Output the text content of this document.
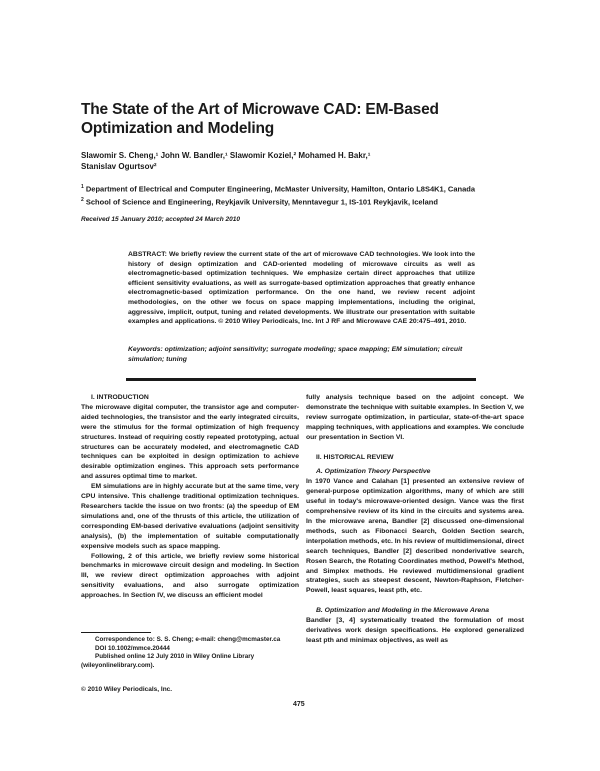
The State of the Art of Microwave CAD: EM-Based Optimization and Modeling
Slawomir S. Cheng,¹ John W. Bandler,¹ Slawomir Koziel,² Mohamed H. Bakr,¹
Stanislav Ogurtsov²
$^1$ Department of Electrical and Computer Engineering, McMaster University, Hamilton, Ontario L8S4K1, Canada
$^2$ School of Science and Engineering, Reykjavik University, Menntavegur 1, IS-101 Reykjavik, Iceland
Received 15 January 2010; accepted 24 March 2010
ABSTRACT: We briefly review the current state of the art of microwave CAD technologies. We look into the history of design optimization and CAD-oriented modeling of microwave circuits as well as electromagnetic-based optimization techniques. We emphasize certain direct approaches that utilize efficient sensitivity evaluations, as well as surrogate-based optimization approaches that greatly enhance electromagnetic-based optimization performance. On the one hand, we review recent adjoint methodologies, on the other we focus on space mapping implementations, including the original, aggressive, implicit, output, tuning and related developments. We illustrate our presentation with suitable examples and applications. © 2010 Wiley Periodicals, Inc. Int J RF and Microwave CAE 20:475–491, 2010.
Keywords: optimization; adjoint sensitivity; surrogate modeling; space mapping; EM simulation; circuit simulation; tuning

I. INTRODUCTION

The microwave digital computer, the transistor age and computer-aided technologies, the transistor and the early integrated circuits, were the stimulus for the formal optimization of high frequency structures. Instead of requiring costly repeated prototyping, actual structures can be accurately modeled, and electromagnetic CAD techniques can be exploited in design optimization to achieve desirable optimization engines. This approach sets performance and assures optimal time to market.

EM simulations are in highly accurate but at the same time, very CPU intensive. This challenge traditional optimization techniques. Researchers tackle the issue on two fronts: (a) the speedup of EM simulations and, one of the thrusts of this article, the utilization of corresponding EM-based derivative evaluations (adjoint sensitivity analysis), (b) the implementation of suitable computationally expensive models such as space mapping.

Following, 2 of this article, we briefly review some historical benchmarks in microwave circuit design and modeling. In Section III, we review direct optimization approaches with adjoint sensitivity evaluations, and also surrogate optimization approaches. In Section IV, we discuss an efficient model

Correspondence to: S. S. Cheng; e-mail: cheng@mcmaster.ca

DOI 10.1002/mmce.20444

Published online 12 July 2010 in Wiley Online Library (wileyonlinelibrary.com).

© 2010 Wiley Periodicals, Inc.

fully analysis technique based on the adjoint concept. We demonstrate the technique with suitable examples. In Section V, we review surrogate optimization, in particular, state-of-the-art space mapping techniques, with applications and examples. We conclude our presentation in Section VI.

II. HISTORICAL REVIEW

A. Optimization Theory Perspective

In 1970 Vance and Calahan [1] presented an extensive review of general-purpose optimization algorithms, many of which are still useful in today's microwave-oriented design. Vance was the first comprehensive review of its kind in the circuits and systems area. In the microwave arena, Bandler [2] discussed one-dimensional methods, such as Fibonacci Search, Golden Section search, interpolation methods, etc. In his review of multidimensional, direct search techniques, Bandler [2] described nonderivative search, Rosen Search, the Rotating Coordinates method, Powell's Method, and Simplex methods. He reviewed multidimensional gradient strategies, such as steepest descent, Newton-Raphson, Fletcher-Powell, least squares, least pth, etc.

B. Optimization and Modeling in the Microwave Arena

Bandler [3, 4] systematically treated the formulation of most derivatives work design specifications. He explored generalized least pth and minimax objectives, as well as

475
